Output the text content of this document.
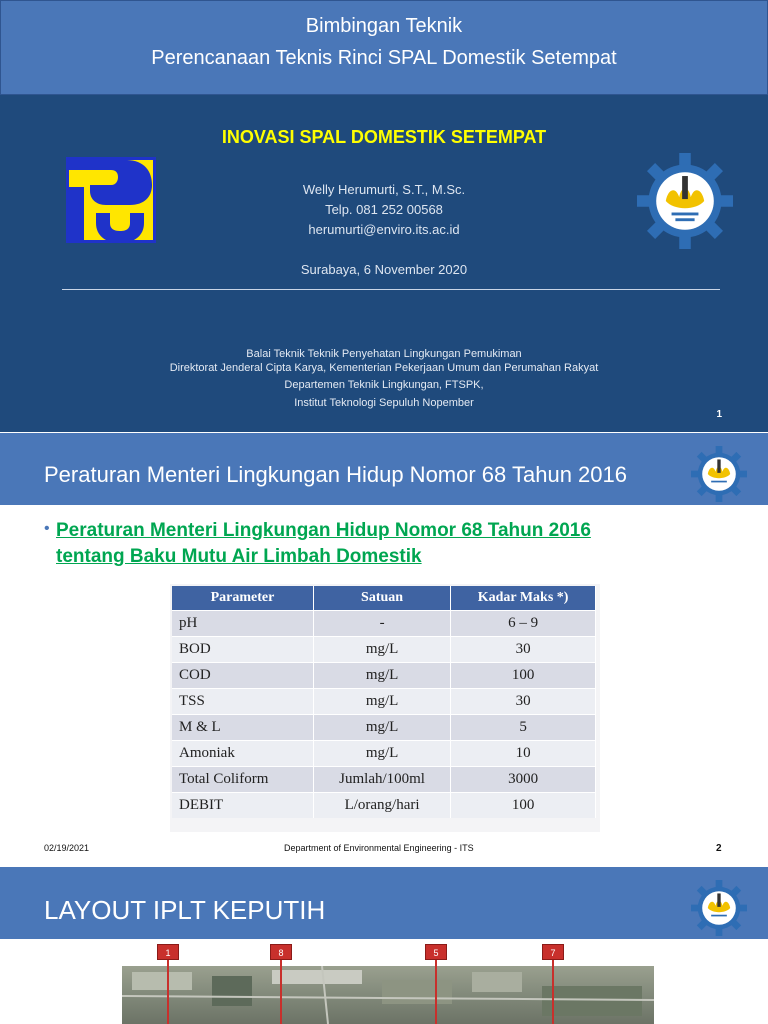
Bimbingan Teknik
Perencanaan Teknis Rinci SPAL Domestik Setempat
INOVASI SPAL DOMESTIK SETEMPAT
Welly Herumurti, S.T., M.Sc.
Telp. 081 252 00568
herumurti@enviro.its.ac.id
Surabaya, 6 November 2020
Balai Teknik Teknik Penyehatan Lingkungan Pemukiman
Direktorat Jenderal Cipta Karya, Kementerian Pekerjaan Umum dan Perumahan Rakyat
Departemen Teknik Lingkungan, FTSPK,
Institut Teknologi Sepuluh Nopember
1
Peraturan Menteri Lingkungan Hidup Nomor 68 Tahun 2016
• Peraturan Menteri Lingkungan Hidup Nomor 68 Tahun 2016
tentang Baku Mutu Air Limbah Domestik
Parameter	Satuan	Kadar Maks *)
pH	-	6 – 9
BOD	mg/L	30
COD	mg/L	100
TSS	mg/L	30
M & L	mg/L	5
Amoniak	mg/L	10
Total Coliform	Jumlah/100ml	3000
DEBIT	L/orang/hari	100
02/19/2021	Department of Environmental Engineering - ITS	2
LAYOUT IPLT KEPUTIH
1	8	5	7
